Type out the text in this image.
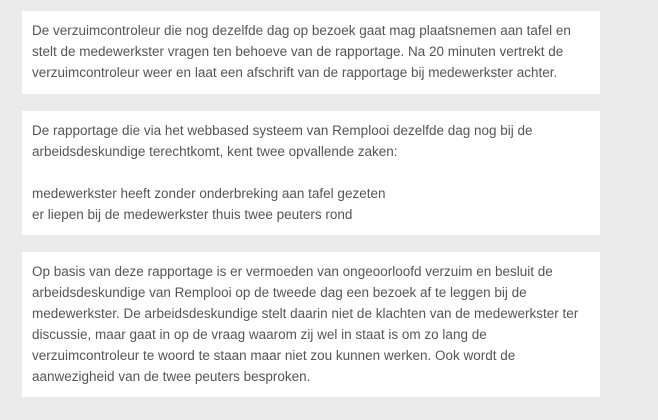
De verzuimcontroleur die nog dezelfde dag op bezoek gaat mag plaatsnemen aan tafel en stelt de medewerkster vragen ten behoeve van de rapportage. Na 20 minuten vertrekt de verzuimcontroleur weer en laat een afschrift van de rapportage bij medewerkster achter.

De rapportage die via het webbased systeem van Remplooi dezelfde dag nog bij de arbeidsdeskundige terechtkomt, kent twee opvallende zaken:

medewerkster heeft zonder onderbreking aan tafel gezeten

er liepen bij de medewerkster thuis twee peuters rond

Op basis van deze rapportage is er vermoeden van ongeoorloofd verzuim en besluit de arbeidsdeskundige van Remplooi op de tweede dag een bezoek af te leggen bij de medewerkster. De arbeidsdeskundige stelt daarin niet de klachten van de medewerkster ter discussie, maar gaat in op de vraag waarom zij wel in staat is om zo lang de verzuimcontroleur te woord te staan maar niet zou kunnen werken. Ook wordt de aanwezigheid van de twee peuters besproken.
